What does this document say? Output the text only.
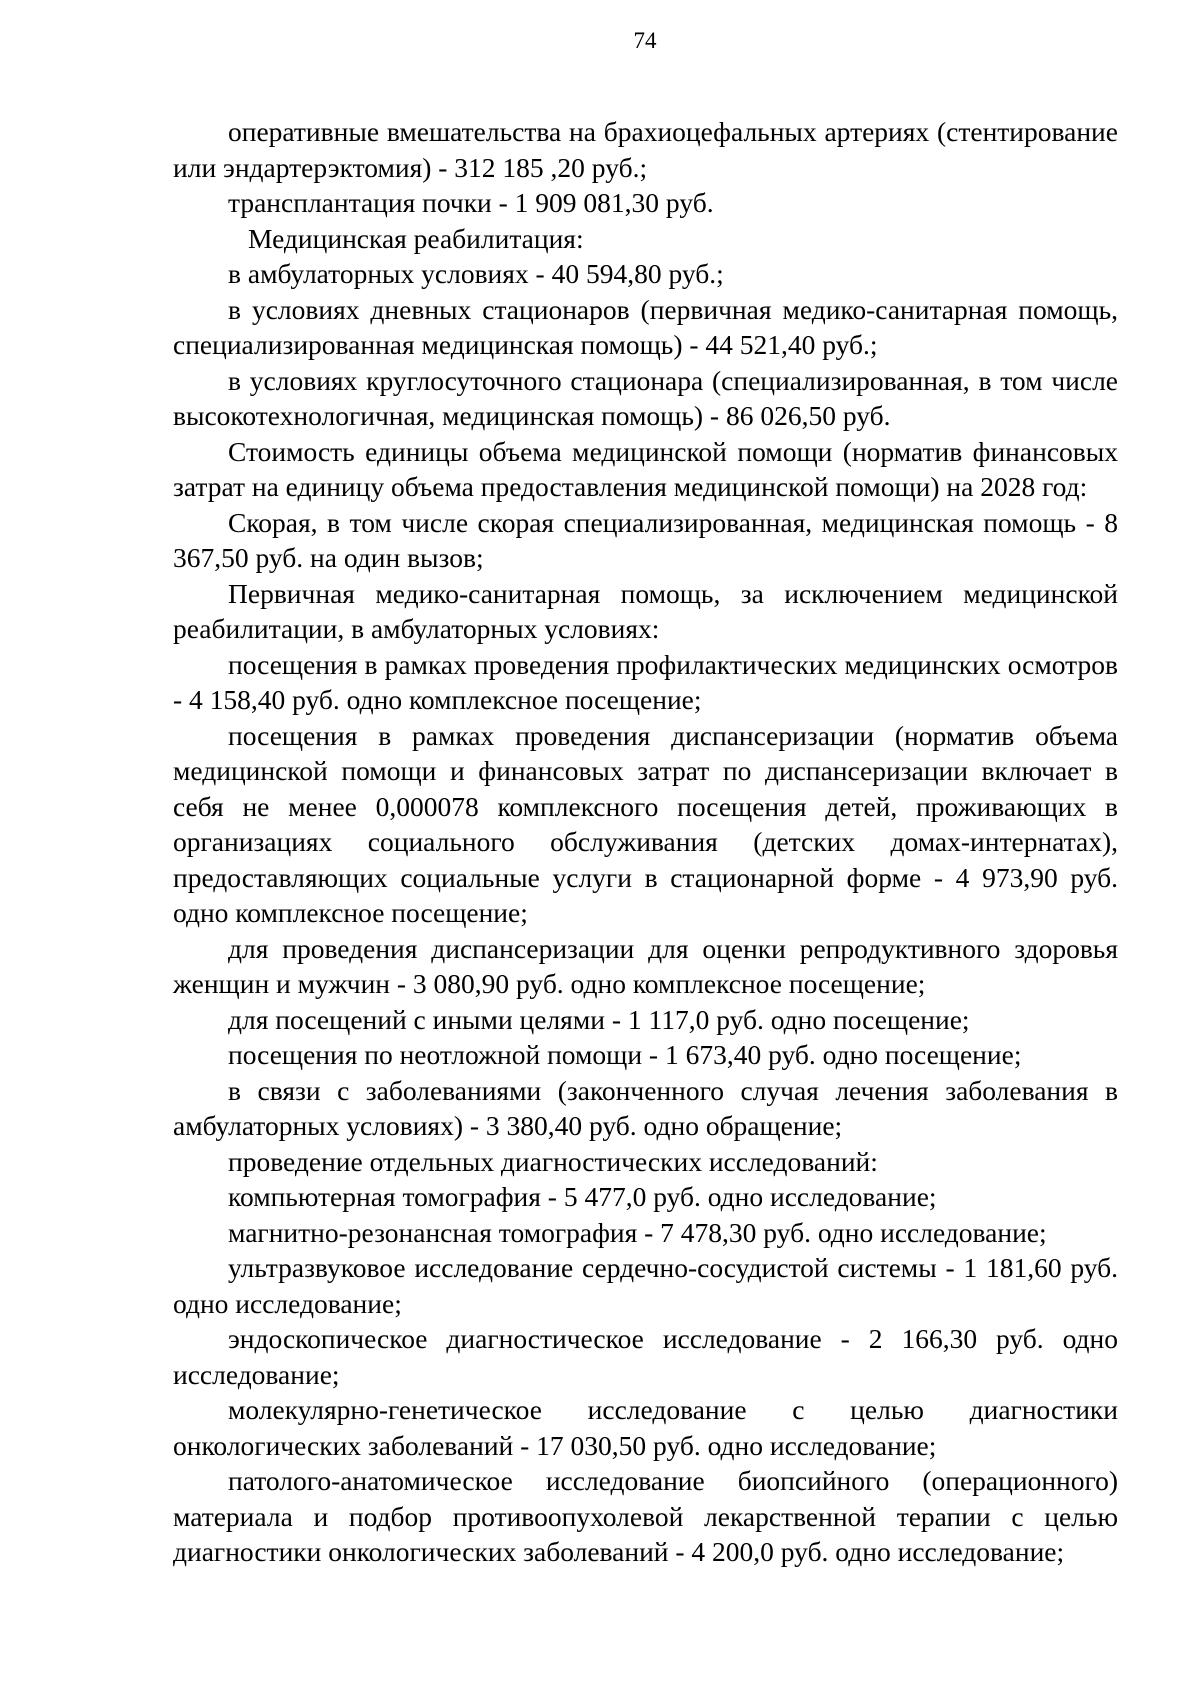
74

оперативные вмешательства на брахиоцефальных артериях (стентирование или эндартерэктомия) - 312 185 ,20 руб.;

трансплантация почки - 1 909 081,30 руб.

Медицинская реабилитация:

в амбулаторных условиях - 40 594,80 руб.;

в условиях дневных стационаров (первичная медико-санитарная помощь, специализированная медицинская помощь) - 44 521,40 руб.;

в условиях круглосуточного стационара (специализированная, в том числе высокотехнологичная, медицинская помощь) - 86 026,50 руб.

Стоимость единицы объема медицинской помощи (норматив финансовых затрат на единицу объема предоставления медицинской помощи) на 2028 год:

Скорая, в том числе скорая специализированная, медицинская помощь - 8 367,50 руб. на один вызов;

Первичная медико-санитарная помощь, за исключением медицинской реабилитации, в амбулаторных условиях:

посещения в рамках проведения профилактических медицинских осмотров - 4 158,40 руб. одно комплексное посещение;

посещения в рамках проведения диспансеризации (норматив объема медицинской помощи и финансовых затрат по диспансеризации включает в себя не менее 0,000078 комплексного посещения детей, проживающих в организациях социального обслуживания (детских домах-интернатах), предоставляющих социальные услуги в стационарной форме - 4 973,90 руб. одно комплексное посещение;

для проведения диспансеризации для оценки репродуктивного здоровья женщин и мужчин - 3 080,90 руб. одно комплексное посещение;

для посещений с иными целями - 1 117,0 руб. одно посещение;

посещения по неотложной помощи - 1 673,40 руб. одно посещение;

в связи с заболеваниями (законченного случая лечения заболевания в амбулаторных условиях) - 3 380,40 руб. одно обращение;

проведение отдельных диагностических исследований:

компьютерная томография - 5 477,0 руб. одно исследование;

магнитно-резонансная томография - 7 478,30 руб. одно исследование;

ультразвуковое исследование сердечно-сосудистой системы - 1 181,60 руб. одно исследование;

эндоскопическое диагностическое исследование - 2 166,30 руб. одно исследование;

молекулярно-генетическое исследование с целью диагностики онкологических заболеваний - 17 030,50 руб. одно исследование;

патолого-анатомическое исследование биопсийного (операционного) материала и подбор противоопухолевой лекарственной терапии с целью диагностики онкологических заболеваний - 4 200,0 руб. одно исследование;
